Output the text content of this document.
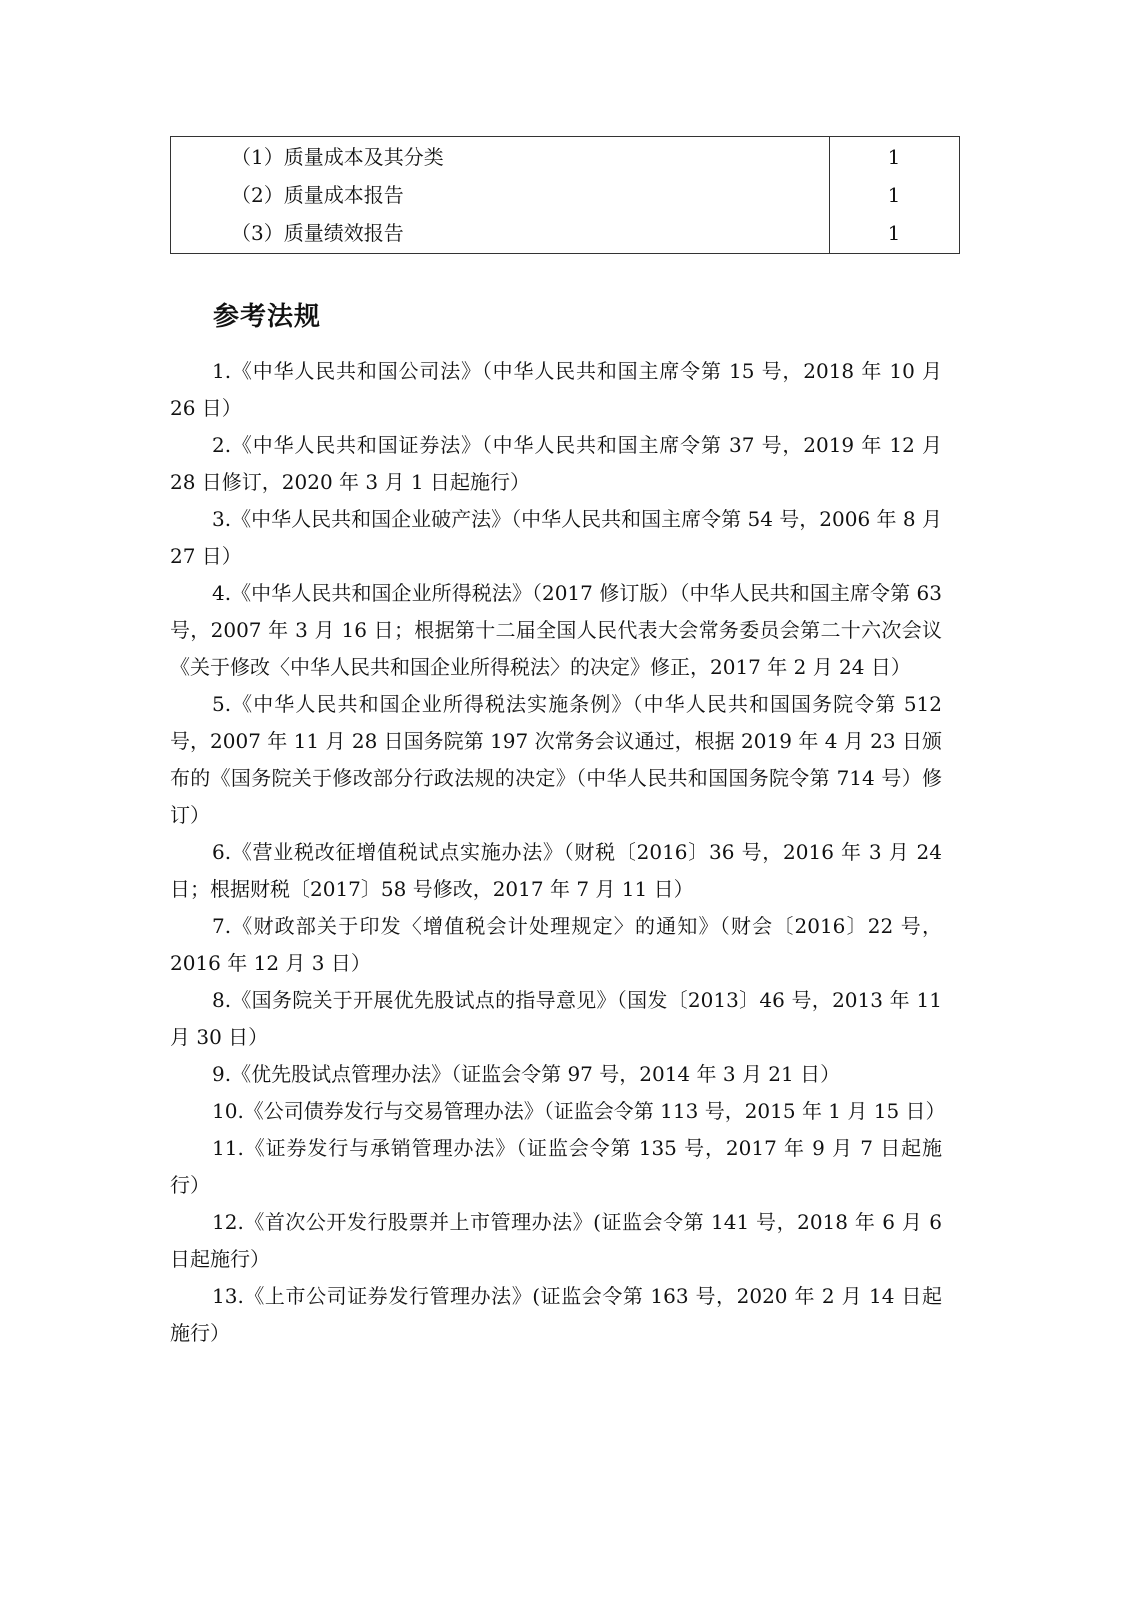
（1）质量成本及其分类	1
（2）质量成本报告	1
（3）质量绩效报告	1
参考法规

1.《中华人民共和国公司法》（中华人民共和国主席令第 15 号，2018 年 10 月 26 日）

2.《中华人民共和国证券法》（中华人民共和国主席令第 37 号，2019 年 12 月 28 日修订，2020 年 3 月 1 日起施行）

3.《中华人民共和国企业破产法》（中华人民共和国主席令第 54 号，2006 年 8 月 27 日）

4.《中华人民共和国企业所得税法》（2017 修订版）（中华人民共和国主席令第 63 号，2007 年 3 月 16 日；根据第十二届全国人民代表大会常务委员会第二十六次会议《关于修改〈中华人民共和国企业所得税法〉的决定》修正，2017 年 2 月 24 日）

5.《中华人民共和国企业所得税法实施条例》（中华人民共和国国务院令第 512 号，2007 年 11 月 28 日国务院第 197 次常务会议通过，根据 2019 年 4 月 23 日颁布的《国务院关于修改部分行政法规的决定》（中华人民共和国国务院令第 714 号）修订）

6.《营业税改征增值税试点实施办法》（财税〔2016〕36 号，2016 年 3 月 24 日；根据财税〔2017〕58 号修改，2017 年 7 月 11 日）

7.《财政部关于印发〈增值税会计处理规定〉的通知》（财会〔2016〕22 号，2016 年 12 月 3 日）

8.《国务院关于开展优先股试点的指导意见》（国发〔2013〕46 号，2013 年 11 月 30 日）

9.《优先股试点管理办法》（证监会令第 97 号，2014 年 3 月 21 日）

10.《公司债券发行与交易管理办法》（证监会令第 113 号，2015 年 1 月 15 日）

11.《证券发行与承销管理办法》（证监会令第 135 号，2017 年 9 月 7 日起施行）

12.《首次公开发行股票并上市管理办法》(证监会令第 141 号，2018 年 6 月 6 日起施行）

13.《上市公司证券发行管理办法》(证监会令第 163 号，2020 年 2 月 14 日起施行）
